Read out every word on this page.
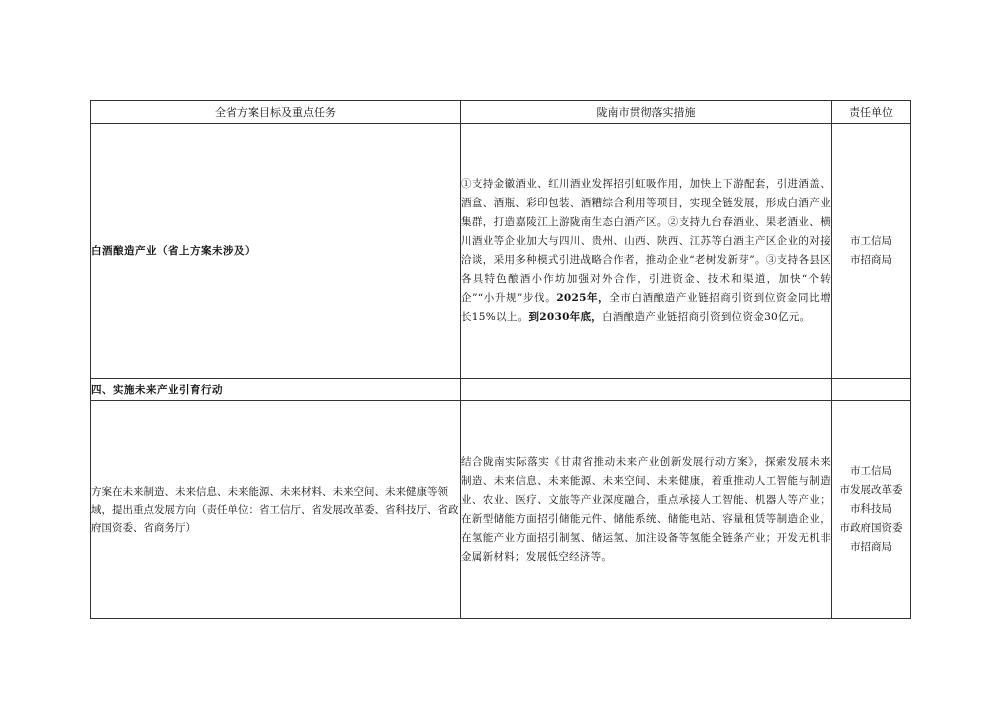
全省方案目标及重点任务	陇南市贯彻落实措施	责任单位
白酒酿造产业（省上方案未涉及）	①支持金徽酒业、红川酒业发挥招引虹吸作用，加快上下游配套，引进酒盖、酒盒、酒瓶、彩印包装、酒糟综合利用等项目，实现全链发展，形成白酒产业集群，打造嘉陵江上游陇南生态白酒产区。②支持九台春酒业、果老酒业、横川酒业等企业加大与四川、贵州、山西、陕西、江苏等白酒主产区企业的对接洽谈，采用多种模式引进战略合作者，推动企业“老树发新芽”。③支持各县区各具特色酿酒小作坊加强对外合作，引进资金、技术和渠道，加快“个转企”“小升规”步伐。2025年，全市白酒酿造产业链招商引资到位资金同比增长15%以上。到2030年底，白酒酿造产业链招商引资到位资金30亿元。	市工信局
市招商局

四、实施未来产业引育行动		
方案在未来制造、未来信息、未来能源、未来材料、未来空间、未来健康等领域，提出重点发展方向（责任单位：省工信厅、省发展改革委、省科技厅、省政府国资委、省商务厅）	结合陇南实际落实《甘肃省推动未来产业创新发展行动方案》，探索发展未来制造、未来信息、未来能源、未来空间、未来健康，着重推动人工智能与制造业、农业、医疗、文旅等产业深度融合，重点承接人工智能、机器人等产业；在新型储能方面招引储能元件、储能系统、储能电站、容量租赁等制造企业，在氢能产业方面招引制氢、储运氢、加注设备等氢能全链条产业；开发无机非金属新材料；发展低空经济等。	市工信局
市发展改革委
市科技局
市政府国资委
市招商局
